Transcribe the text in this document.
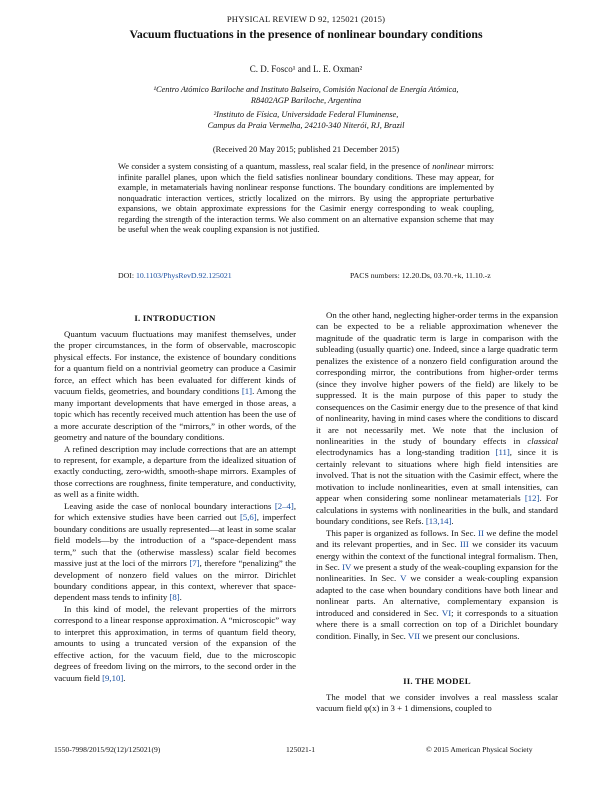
PHYSICAL REVIEW D 92, 125021 (2015)
Vacuum fluctuations in the presence of nonlinear boundary conditions
C. D. Fosco¹ and L. E. Oxman²
¹Centro Atómico Bariloche and Instituto Balseiro, Comisión Nacional de Energía Atómica,
R8402AGP Bariloche, Argentina
²Instituto de Física, Universidade Federal Fluminense,
Campus da Praia Vermelha, 24210-340 Niterói, RJ, Brazil
(Received 20 May 2015; published 21 December 2015)

We consider a system consisting of a quantum, massless, real scalar field, in the presence of nonlinear mirrors: infinite parallel planes, upon which the field satisfies nonlinear boundary conditions. These may appear, for example, in metamaterials having nonlinear response functions. The boundary conditions are implemented by nonquadratic interaction vertices, strictly localized on the mirrors. By using the appropriate perturbative expansions, we obtain approximate expressions for the Casimir energy corresponding to weak coupling, regarding the strength of the interaction terms. We also comment on an alternative expansion scheme that may be useful when the weak coupling expansion is not justified.

DOI: 10.1103/PhysRevD.92.125021	PACS numbers: 12.20.Ds, 03.70.+k, 11.10.-z
I. INTRODUCTION

Quantum vacuum fluctuations may manifest themselves, under the proper circumstances, in the form of observable, macroscopic physical effects. For instance, the existence of boundary conditions for a quantum field on a nontrivial geometry can produce a Casimir force, an effect which has been evaluated for different kinds of vacuum fields, geometries, and boundary conditions [1]. Among the many important developments that have emerged in those areas, a topic which has recently received much attention has been the use of a more accurate description of the “mirrors,” in other words, of the geometry and nature of the boundary conditions.

A refined description may include corrections that are an attempt to represent, for example, a departure from the idealized situation of exactly conducting, zero-width, smooth-shape mirrors. Examples of those corrections are roughness, finite temperature, and conductivity, as well as a finite width.

Leaving aside the case of nonlocal boundary interactions [2–4], for which extensive studies have been carried out [5,6], imperfect boundary conditions are usually represented—at least in some scalar field models—by the introduction of a “space-dependent mass term,” such that the (otherwise massless) scalar field becomes massive just at the loci of the mirrors [7], therefore “penalizing” the development of nonzero field values on the mirror. Dirichlet boundary conditions appear, in this context, wherever that space-dependent mass tends to infinity [8].

In this kind of model, the relevant properties of the mirrors correspond to a linear response approximation. A “microscopic” way to interpret this approximation, in terms of quantum field theory, amounts to using a truncated version of the expansion of the effective action, for the vacuum field, due to the microscopic degrees of freedom living on the mirrors, to the second order in the vacuum field [9,10].

On the other hand, neglecting higher-order terms in the expansion can be expected to be a reliable approximation whenever the magnitude of the quadratic term is large in comparison with the subleading (usually quartic) one. Indeed, since a large quadratic term penalizes the existence of a nonzero field configuration around the corresponding mirror, the contributions from higher-order terms (since they involve higher powers of the field) are likely to be suppressed. It is the main purpose of this paper to study the consequences on the Casimir energy due to the presence of that kind of nonlinearity, having in mind cases where the conditions to discard it are not necessarily met. We note that the inclusion of nonlinearities in the study of boundary effects in classical electrodynamics has a long-standing tradition [11], since it is certainly relevant to situations where high field intensities are involved. That is not the situation with the Casimir effect, where the motivation to include nonlinearities, even at small intensities, can appear when considering some nonlinear metamaterials [12]. For calculations in systems with nonlinearities in the bulk, and standard boundary conditions, see Refs. [13,14].

This paper is organized as follows. In Sec. II we define the model and its relevant properties, and in Sec. III we consider its vacuum energy within the context of the functional integral formalism. Then, in Sec. IV we present a study of the weak-coupling expansion for the nonlinearities. In Sec. V we consider a weak-coupling expansion adapted to the case when boundary conditions have both linear and nonlinear parts. An alternative, complementary expansion is introduced and considered in Sec. VI; it corresponds to a situation where there is a small correction on top of a Dirichlet boundary condition. Finally, in Sec. VII we present our conclusions.

II. THE MODEL

The model that we consider involves a real massless scalar vacuum field φ(x) in 3 + 1 dimensions, coupled to

1550-7998/2015/92(12)/125021(9)	125021-1	© 2015 American Physical Society
